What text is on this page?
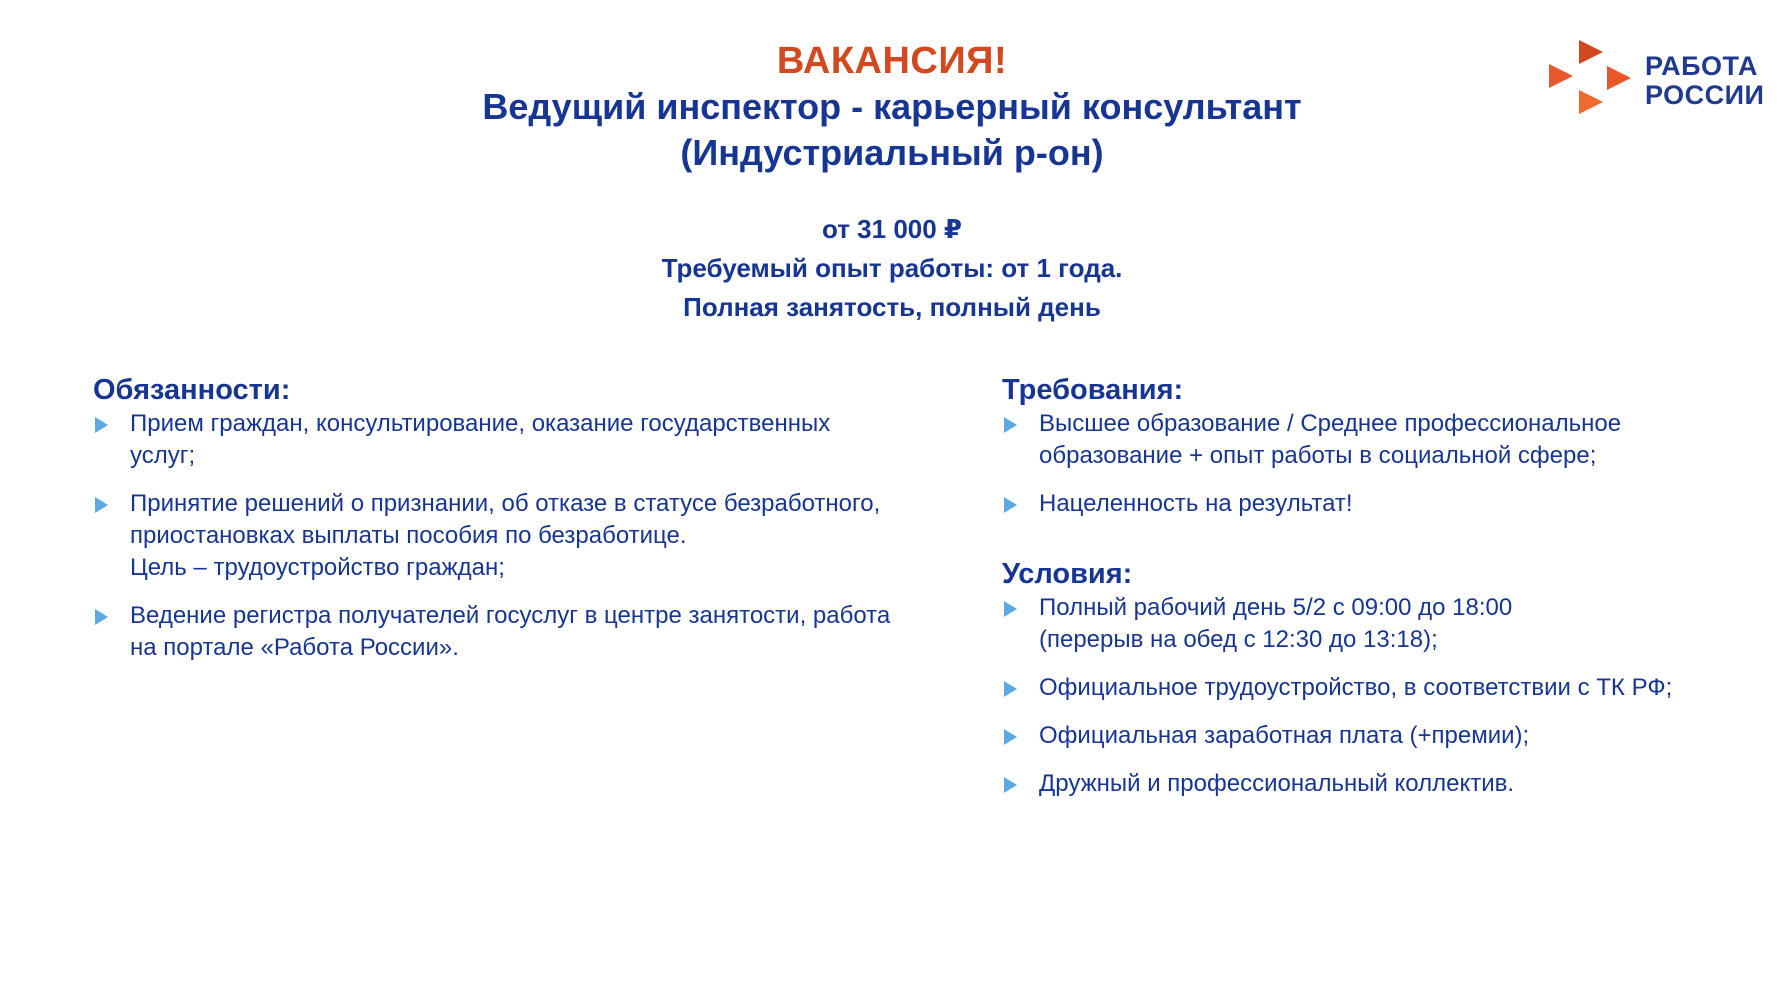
ВАКАНСИЯ!
Ведущий инспектор - карьерный консультант
(Индустриальный р-он)
РАБОТА
РОССИИ
от 31 000 ₽
Требуемый опыт работы: от 1 года.
Полная занятость, полный день
Обязанности:
Прием граждан, консультирование, оказание государственных
услуг;
Принятие решений о признании, об отказе в статусе безработного,
приостановках выплаты пособия по безработице.
Цель – трудоустройство граждан;
Ведение регистра получателей госуслуг в центре занятости, работа
на портале «Работа России».
Требования:
Высшее образование / Среднее профессиональное
образование + опыт работы в социальной сфере;
Нацеленность на результат!
Условия:
Полный рабочий день 5/2 с 09:00 до 18:00
(перерыв на обед с 12:30 до 13:18);
Официальное трудоустройство, в соответствии с ТК РФ;
Официальная заработная плата (+премии);
Дружный и профессиональный коллектив.
